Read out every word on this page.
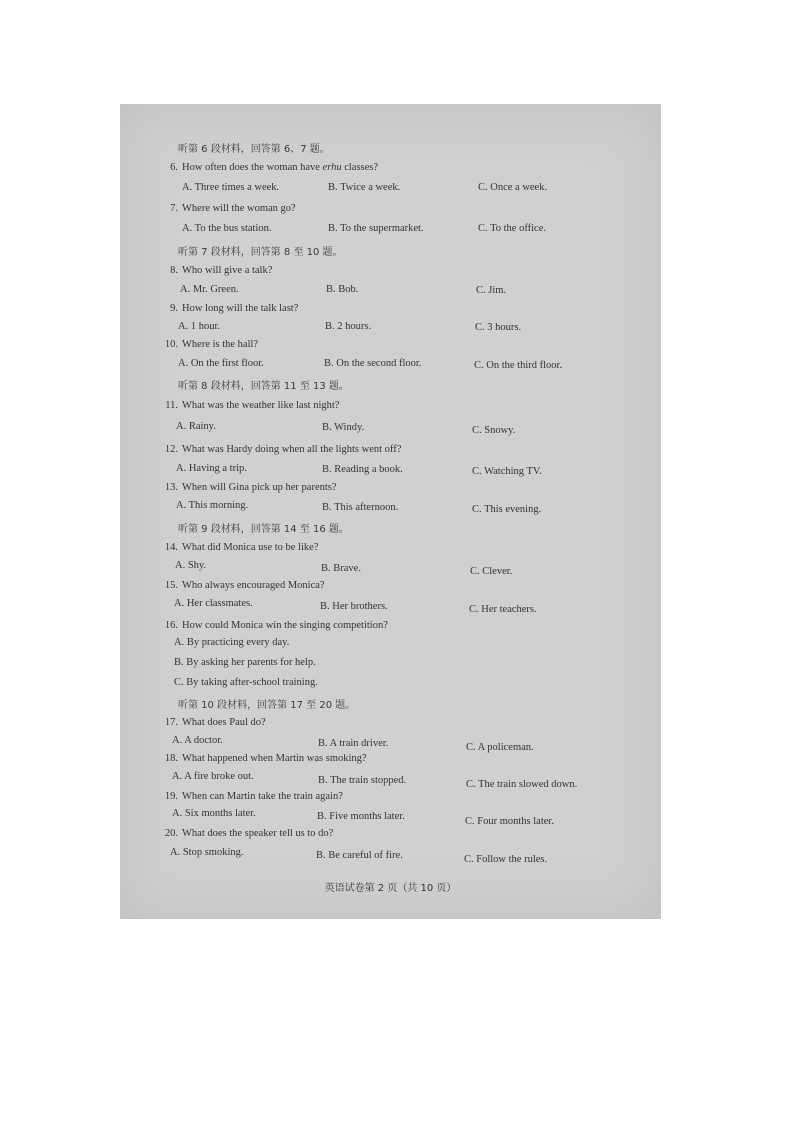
听第 6 段材料，回答第 6、7 题。
6. How often does the woman have erhu classes?
A. Three times a week.	B. Twice a week.	C. Once a week.
7. Where will the woman go?
A. To the bus station.	B. To the supermarket.	C. To the office.
听第 7 段材料，回答第 8 至 10 题。
8. Who will give a talk?
A. Mr. Green.	B. Bob.	C. Jim.
9. How long will the talk last?
A. 1 hour.	B. 2 hours.	C. 3 hours.
10. Where is the hall?
A. On the first floor.	B. On the second floor.	C. On the third floor.
听第 8 段材料，回答第 11 至 13 题。
11. What was the weather like last night?
A. Rainy.	B. Windy.	C. Snowy.
12. What was Hardy doing when all the lights went off?
A. Having a trip.	B. Reading a book.	C. Watching TV.
13. When will Gina pick up her parents?
A. This morning.	B. This afternoon.	C. This evening.
听第 9 段材料，回答第 14 至 16 题。
14. What did Monica use to be like?
A. Shy.	B. Brave.	C. Clever.
15. Who always encouraged Monica?
A. Her classmates.	B. Her brothers.	C. Her teachers.
16. How could Monica win the singing competition?
A. By practicing every day.
B. By asking her parents for help.
C. By taking after-school training.
听第 10 段材料，回答第 17 至 20 题。
17. What does Paul do?
A. A doctor.	B. A train driver.	C. A policeman.
18. What happened when Martin was smoking?
A. A fire broke out.	B. The train stopped.	C. The train slowed down.
19. When can Martin take the train again?
A. Six months later.	B. Five months later.	C. Four months later.
20. What does the speaker tell us to do?
A. Stop smoking.	B. Be careful of fire.	C. Follow the rules.
英语试卷第 2 页（共 10 页）
